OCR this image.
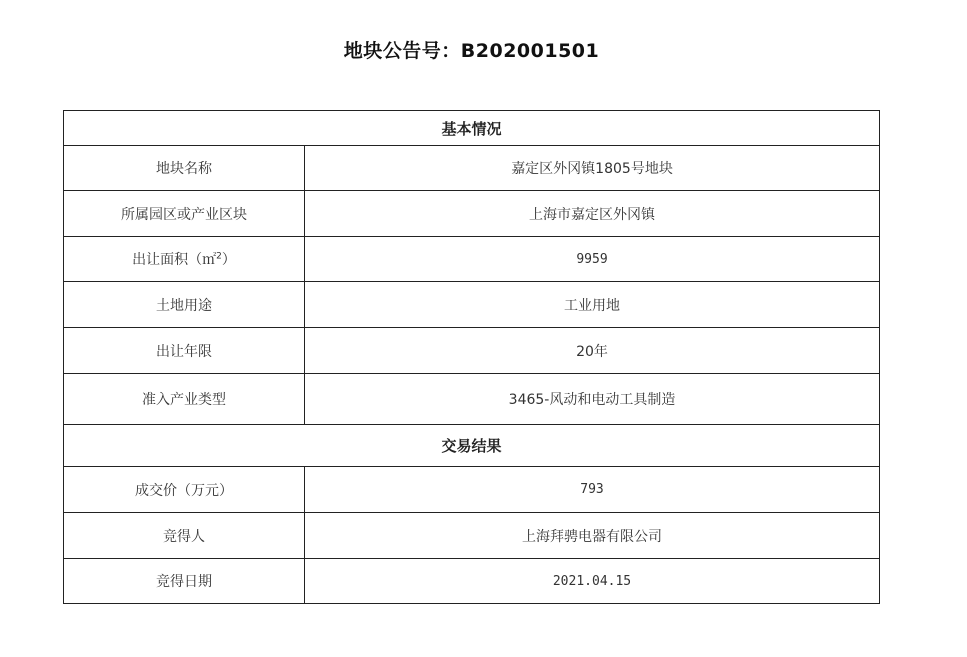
地块公告号：B202001501
基本情况	
地块名称	嘉定区外冈镇1805号地块
所属园区或产业区块	上海市嘉定区外冈镇
出让面积（㎡$^2$）	9959
土地用途	工业用地
出让年限	20年
准入产业类型	3465-风动和电动工具制造
交易结果	
成交价（万元）	793
竞得人	上海拜骋电器有限公司
竞得日期	2021.04.15
